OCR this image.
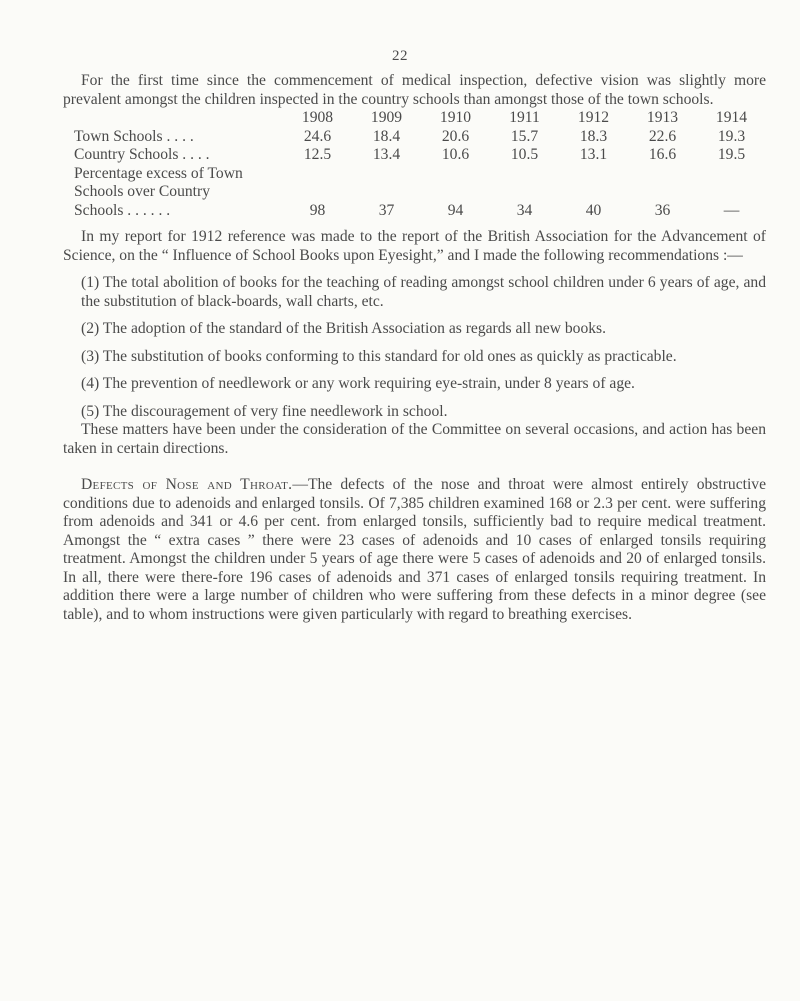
22

For the first time since the commencement of medical inspection, defective vision was slightly more prevalent amongst the children inspected in the country schools than amongst those of the town schools.

	1908	1909	1910	1911	1912	1913	1914
Town Schools . . . .	24.6	18.4	20.6	15.7	18.3	22.6	19.3
Country Schools . . . .	12.5	13.4	10.6	10.5	13.1	16.6	19.5

Percentage excess of Town
Schools over Country
Schools . . . . . .	98	37	94	34	40	36	—

In my report for 1912 reference was made to the report of the British Association for the Advancement of Science, on the “ Influence of School Books upon Eyesight,” and I made the following recommendations :—

(1) The total abolition of books for the teaching of reading amongst school children under 6 years of age, and the substitution of black-boards, wall charts, etc.

(2) The adoption of the standard of the British Association as regards all new books.

(3) The substitution of books conforming to this standard for old ones as quickly as practicable.

(4) The prevention of needlework or any work requiring eye-strain, under 8 years of age.

(5) The discouragement of very fine needlework in school.

These matters have been under the consideration of the Committee on several occasions, and action has been taken in certain directions.

Defects of Nose and Throat.—The defects of the nose and throat were almost entirely obstructive conditions due to adenoids and enlarged tonsils. Of 7,385 children examined 168 or 2.3 per cent. were suffering from adenoids and 341 or 4.6 per cent. from enlarged tonsils, sufficiently bad to require medical treatment. Amongst the “ extra cases ” there were 23 cases of adenoids and 10 cases of enlarged tonsils requiring treatment. Amongst the children under 5 years of age there were 5 cases of adenoids and 20 of enlarged tonsils. In all, there were there-fore 196 cases of adenoids and 371 cases of enlarged tonsils requiring treatment. In addition there were a large number of children who were suffering from these defects in a minor degree (see table), and to whom instructions were given particularly with regard to breathing exercises.
